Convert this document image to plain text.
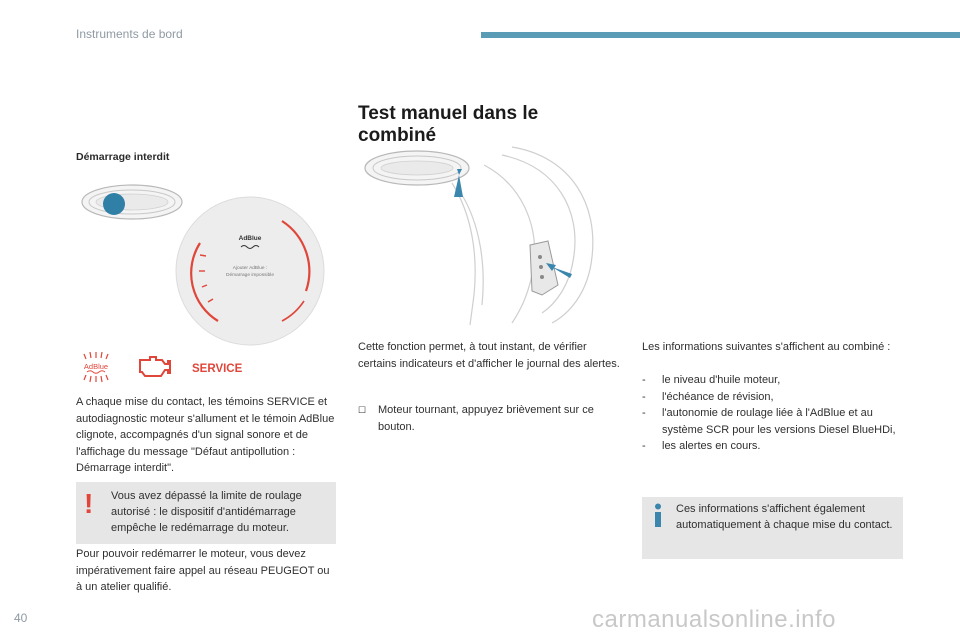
Instruments de bord
Test manuel dans le combiné
Démarrage interdit
AdBlue
Ajouter AdBlue :
Démarrage impossible
AdBlue	SERVICE
A chaque mise du contact, les témoins SERVICE et autodiagnostic moteur s'allument et le témoin AdBlue clignote, accompagnés d'un signal sonore et de l'affichage du message "Défaut antipollution : Démarrage interdit".
! Vous avez dépassé la limite de roulage autorisé : le dispositif d'antidémarrage empêche le redémarrage du moteur.
Pour pouvoir redémarrer le moteur, vous devez impérativement faire appel au réseau PEUGEOT ou à un atelier qualifié.
Cette fonction permet, à tout instant, de vérifier certains indicateurs et d'afficher le journal des alertes.
☐	Moteur tournant, appuyez brièvement sur ce bouton.
Les informations suivantes s'affichent au combiné :
-	le niveau d'huile moteur,
-	l'échéance de révision,
-	l'autonomie de roulage liée à l'AdBlue et au système SCR pour les versions Diesel BlueHDi,
-	les alertes en cours.
Ces informations s'affichent également automatiquement à chaque mise du contact.
40	carmanualsonline.info
